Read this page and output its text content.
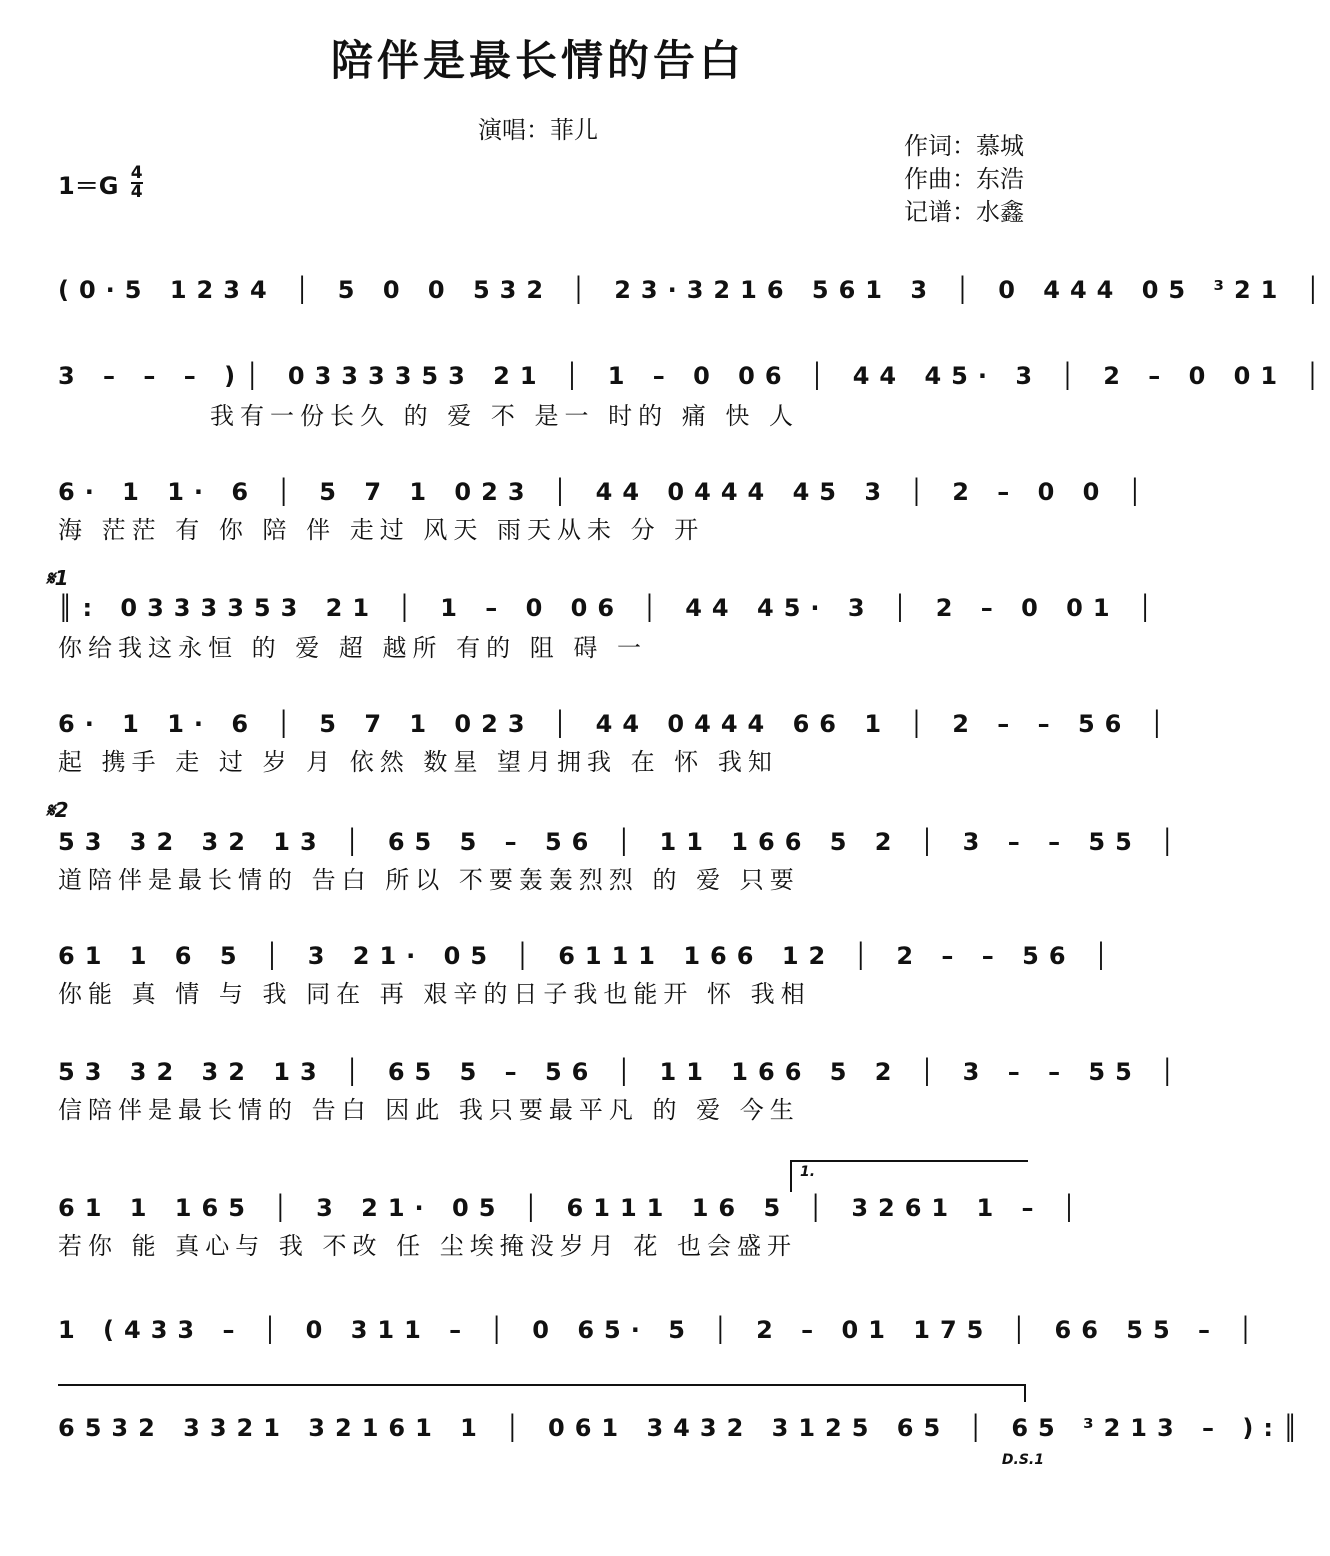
陪伴是最长情的告白
演唱：菲儿
作词：慕城
作曲：东浩
记谱：水鑫
$1=G \frac{4}{4}$
(0·5 1234 │ 5 0 0 532 │ 23·3216 561 3 │ 0 444 05 ³21 │
3 – – – )│ 0333353 21 │ 1 – 0 06 │ 44 45· 3 │ 2 – 0 01 │
我有一份长久 的 爱 不 是一 时的 痛 快 人
6· 1 1· 6 │ 5 7 1 023 │ 44 0444 45 3 │ 2 – 0 0 │
海 茫茫 有 你 陪 伴 走过 风天 雨天从未 分 开
𝄋1
║: 0333353 21 │ 1 – 0 06 │ 44 45· 3 │ 2 – 0 01 │
你给我这永恒 的 爱 超 越所 有的 阻 碍 一
6· 1 1· 6 │ 5 7 1 023 │ 44 0444 66 1 │ 2 – – 56 │
起 携手 走 过 岁 月 依然 数星 望月拥我 在 怀 我知
𝄋2
53 32 32 13 │ 65 5 – 56 │ 11 166 5 2 │ 3 – – 55 │
道陪伴是最长情的 告白 所以 不要轰轰烈烈 的 爱 只要
61 1 6 5 │ 3 21· 05 │ 6111 166 12 │ 2 – – 56 │
你能 真 情 与 我 同在 再 艰辛的日子我也能开 怀 我相
53 32 32 13 │ 65 5 – 56 │ 11 166 5 2 │ 3 – – 55 │
信陪伴是最长情的 告白 因此 我只要最平凡 的 爱 今生
1.
61 1 165 │ 3 21· 05 │ 6111 16 5 │ 3261 1 – │
若你 能 真心与 我 不改 任 尘埃掩没岁月 花 也会盛开
1 (433 – │ 0 311 – │ 0 65· 5 │ 2 – 01 175 │ 66 55 – │
6532 3321 32161 1 │ 061 3432 3125 65 │ 65 ³213 – ):║
D.S.1
